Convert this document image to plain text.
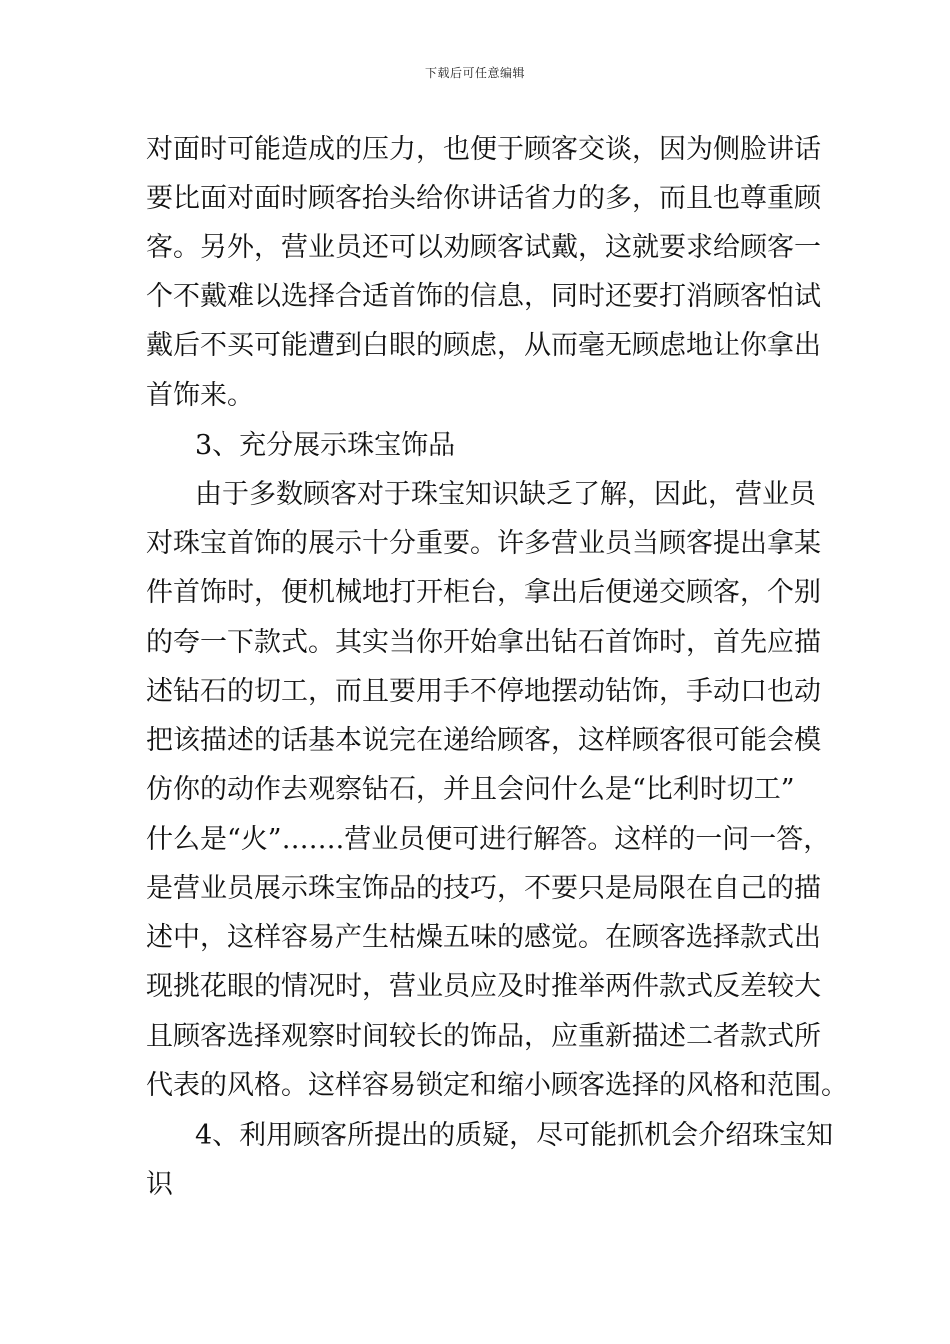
下载后可任意编辑
对面时可能造成的压力，也便于顾客交谈，因为侧脸讲话
要比面对面时顾客抬头给你讲话省力的多，而且也尊重顾
客。另外，营业员还可以劝顾客试戴，这就要求给顾客一
个不戴难以选择合适首饰的信息，同时还要打消顾客怕试
戴后不买可能遭到白眼的顾虑，从而毫无顾虑地让你拿出
首饰来。
3、充分展示珠宝饰品
由于多数顾客对于珠宝知识缺乏了解，因此，营业员
对珠宝首饰的展示十分重要。许多营业员当顾客提出拿某
件首饰时，便机械地打开柜台，拿出后便递交顾客，个别
的夸一下款式。其实当你开始拿出钻石首饰时，首先应描
述钻石的切工，而且要用手不停地摆动钻饰，手动口也动
把该描述的话基本说完在递给顾客，这样顾客很可能会模
仿你的动作去观察钻石，并且会问什么是“比利时切工”
什么是“火”…….营业员便可进行解答。这样的一问一答，
是营业员展示珠宝饰品的技巧，不要只是局限在自己的描
述中，这样容易产生枯燥五味的感觉。在顾客选择款式出
现挑花眼的情况时，营业员应及时推举两件款式反差较大
且顾客选择观察时间较长的饰品，应重新描述二者款式所
代表的风格。这样容易锁定和缩小顾客选择的风格和范围。
4、利用顾客所提出的质疑，尽可能抓机会介绍珠宝知
识
